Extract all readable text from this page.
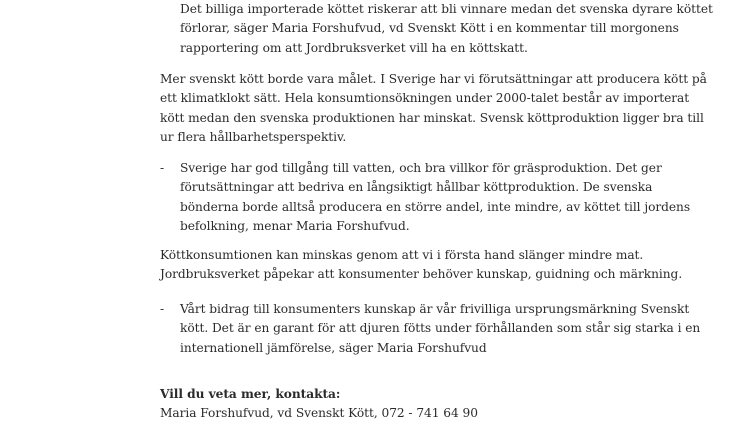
Det billiga importerade köttet riskerar att bli vinnare medan det svenska dyrare köttet
förlorar, säger Maria Forshufvud, vd Svenskt Kött i en kommentar till morgonens
rapportering om att Jordbruksverket vill ha en köttskatt.
Mer svenskt kött borde vara målet. I Sverige har vi förutsättningar att producera kött på
ett klimatklokt sätt. Hela konsumtionsökningen under 2000-talet består av importerat
kött medan den svenska produktionen har minskat. Svensk köttproduktion ligger bra till
ur flera hållbarhetsperspektiv.
- Sverige har god tillgång till vatten, och bra villkor för gräsproduktion. Det ger
förutsättningar att bedriva en långsiktigt hållbar köttproduktion. De svenska
bönderna borde alltså producera en större andel, inte mindre, av köttet till jordens
befolkning, menar Maria Forshufvud.
Köttkonsumtionen kan minskas genom att vi i första hand slänger mindre mat.
Jordbruksverket påpekar att konsumenter behöver kunskap, guidning och märkning.
- Vårt bidrag till konsumenters kunskap är vår frivilliga ursprungsmärkning Svenskt
kött. Det är en garant för att djuren fötts under förhållanden som står sig starka i en
internationell jämförelse, säger Maria Forshufvud
Vill du veta mer, kontakta:
Maria Forshufvud, vd Svenskt Kött, 072 - 741 64 90
